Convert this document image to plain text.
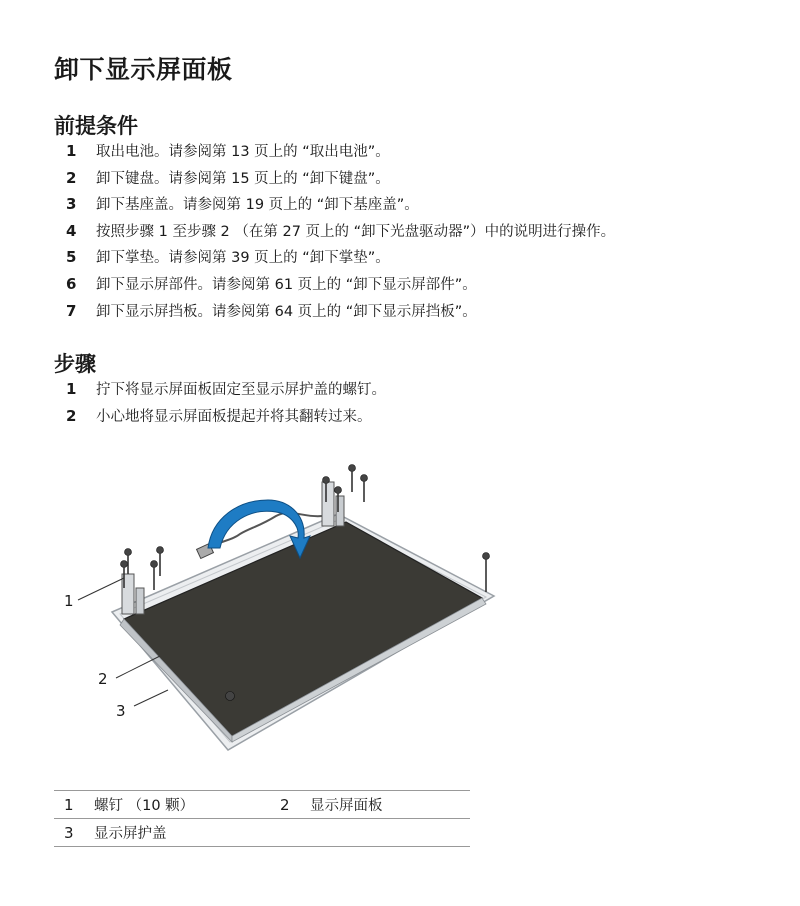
卸下显示屏面板
前提条件
1 取出电池。请参阅第 13 页上的 “取出电池”。
2 卸下键盘。请参阅第 15 页上的 “卸下键盘”。
3 卸下基座盖。请参阅第 19 页上的 “卸下基座盖”。
4 按照步骤 1 至步骤 2 （在第 27 页上的 “卸下光盘驱动器”）中的说明进行操作。
5 卸下掌垫。请参阅第 39 页上的 “卸下掌垫”。
6 卸下显示屏部件。请参阅第 61 页上的 “卸下显示屏部件”。
7 卸下显示屏挡板。请参阅第 64 页上的 “卸下显示屏挡板”。
步骤
1 拧下将显示屏面板固定至显示屏护盖的螺钉。
2 小心地将显示屏面板提起并将其翻转过来。
1
2
3
1	螺钉 （10 颗）	2	显示屏面板
3	显示屏护盖		
